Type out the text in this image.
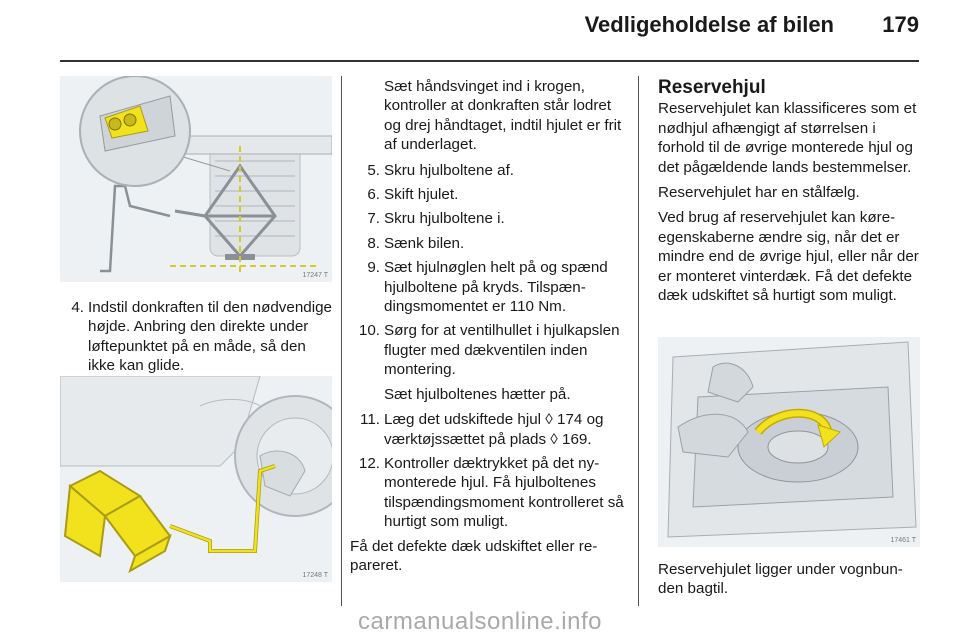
Vedligeholdelse af bilen 179
17247 T
4. Indstil donkraften til den nødvendige højde. Anbring den direkte under løftepunktet på en måde, så den ikke kan glide.
17248 T
Sæt håndsvinget ind i krogen, kontroller at donkraften står lodret og drej håndtaget, indtil hjulet er frit af underlaget.
5. Skru hjulboltene af.
6. Skift hjulet.
7. Skru hjulboltene i.
8. Sænk bilen.
9. Sæt hjulnøglen helt på og spænd hjulboltene på kryds. Tilspændingsmomentet er 110 Nm.
10. Sørg for at ventilhullet i hjulkapslen flugter med dækventilen inden montering.
Sæt hjulboltenes hætter på.
11. Læg det udskiftede hjul ◊ 174 og værktøjssættet på plads ◊ 169.
12. Kontroller dæktrykket på det nymonterede hjul. Få hjulboltenes tilspændingsmoment kontrolleret så hurtigt som muligt.
Få det defekte dæk udskiftet eller repareret.
Reservehjul
Reservehjulet kan klassificeres som et nødhjul afhængigt af størrelsen i forhold til de øvrige monterede hjul og det pågældende lands bestemmelser.
Reservehjulet har en stålfælg.
Ved brug af reservehjulet kan køreegenskaberne ændre sig, når det er mindre end de øvrige hjul, eller når der er monteret vinterdæk. Få det defekte dæk udskiftet så hurtigt som muligt.
17461 T
Reservehjulet ligger under vognbunden bagtil.
carmanualsonline.info
